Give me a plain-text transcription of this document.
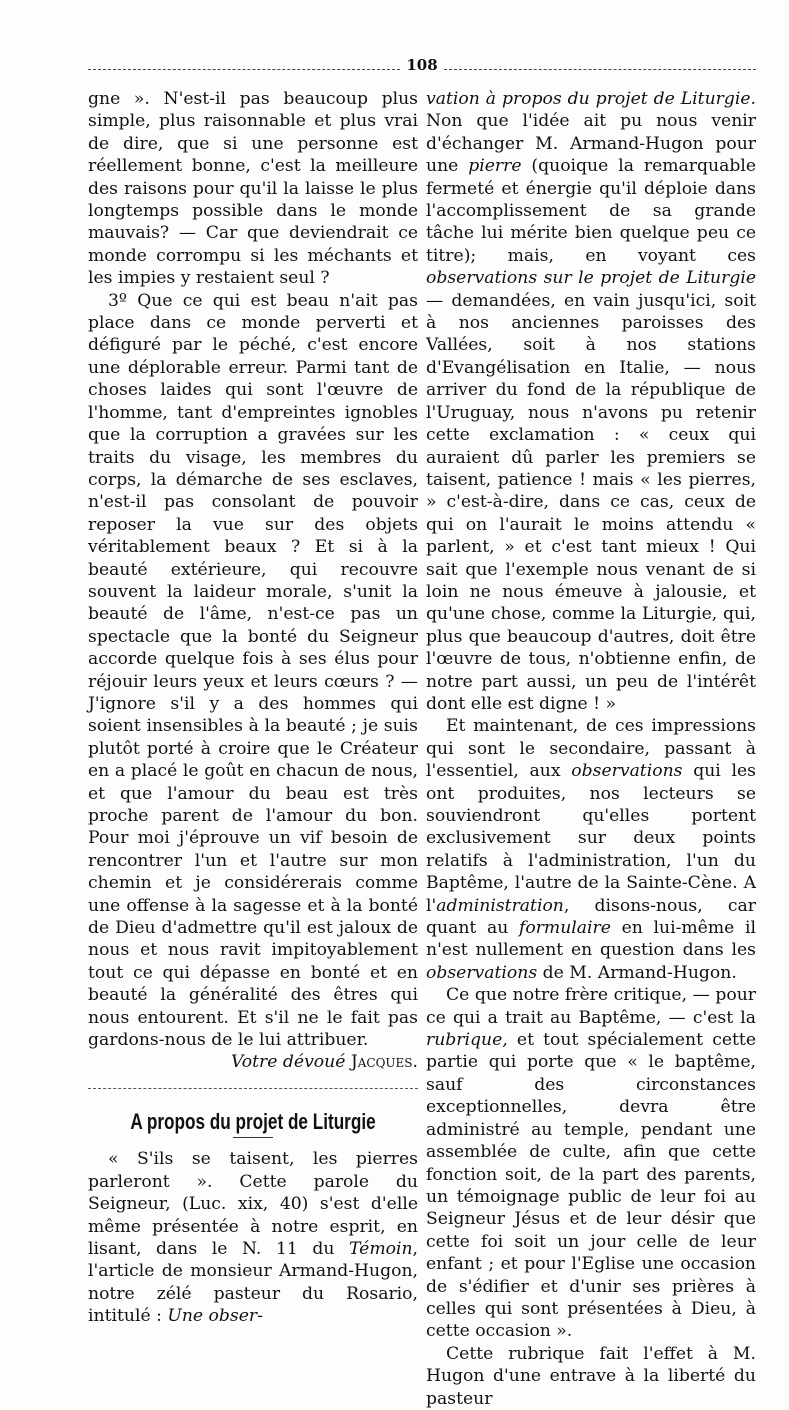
108

gne ». N'est-il pas beaucoup plus simple, plus raisonnable et plus vrai de dire, que si une personne est réellement bonne, c'est la meilleure des raisons pour qu'il la laisse le plus longtemps possible dans le monde mauvais? — Car que deviendrait ce monde corrompu si les méchants et les impies y restaient seul ?

3º Que ce qui est beau n'ait pas place dans ce monde perverti et défiguré par le péché, c'est encore une déplorable erreur. Parmi tant de choses laides qui sont l'œuvre de l'homme, tant d'empreintes ignobles que la corruption a gravées sur les traits du visage, les membres du corps, la démarche de ses esclaves, n'est-il pas consolant de pouvoir reposer la vue sur des objets véritablement beaux ? Et si à la beauté extérieure, qui recouvre souvent la laideur morale, s'unit la beauté de l'âme, n'est-ce pas un spectacle que la bonté du Seigneur accorde quelque fois à ses élus pour réjouir leurs yeux et leurs cœurs ? — J'ignore s'il y a des hommes qui soient insensibles à la beauté ; je suis plutôt porté à croire que le Créateur en a placé le goût en chacun de nous, et que l'amour du beau est très proche parent de l'amour du bon. Pour moi j'éprouve un vif besoin de rencontrer l'un et l'autre sur mon chemin et je considérerais comme une offense à la sagesse et à la bonté de Dieu d'admettre qu'il est jaloux de nous et nous ravit impitoyablement tout ce qui dépasse en bonté et en beauté la généralité des êtres qui nous entourent. Et s'il ne le fait pas gardons-nous de le lui attribuer.

Votre dévoué Jacques.

A propos du projet de Liturgie

« S'ils se taisent, les pierres parleront ». Cette parole du Seigneur, (Luc. xix, 40) s'est d'elle même présentée à notre esprit, en lisant, dans le N. 11 du Témoin, l'article de monsieur Armand-Hugon, notre zélé pasteur du Rosario, intitulé : Une obser-

vation à propos du projet de Liturgie. Non que l'idée ait pu nous venir d'échanger M. Armand-Hugon pour une pierre (quoique la remarquable fermeté et énergie qu'il déploie dans l'accomplissement de sa grande tâche lui mérite bien quelque peu ce titre); mais, en voyant ces observations sur le projet de Liturgie — demandées, en vain jusqu'ici, soit à nos anciennes paroisses des Vallées, soit à nos stations d'Evangélisation en Italie, — nous arriver du fond de la république de l'Uruguay, nous n'avons pu retenir cette exclamation : « ceux qui auraient dû parler les premiers se taisent, patience ! mais « les pierres, » c'est-à-dire, dans ce cas, ceux de qui on l'aurait le moins attendu « parlent, » et c'est tant mieux ! Qui sait que l'exemple nous venant de si loin ne nous émeuve à jalousie, et qu'une chose, comme la Liturgie, qui, plus que beaucoup d'autres, doit être l'œuvre de tous, n'obtienne enfin, de notre part aussi, un peu de l'intérêt dont elle est digne ! »

Et maintenant, de ces impressions qui sont le secondaire, passant à l'essentiel, aux observations qui les ont produites, nos lecteurs se souviendront qu'elles portent exclusivement sur deux points relatifs à l'administration, l'un du Baptême, l'autre de la Sainte-Cène. A l'administration, disons-nous, car quant au formulaire en lui-même il n'est nullement en question dans les observations de M. Armand-Hugon.

Ce que notre frère critique, — pour ce qui a trait au Baptême, — c'est la rubrique, et tout spécialement cette partie qui porte que « le baptême, sauf des circonstances exceptionnelles, devra être administré au temple, pendant une assemblée de culte, afin que cette fonction soit, de la part des parents, un témoignage public de leur foi au Seigneur Jésus et de leur désir que cette foi soit un jour celle de leur enfant ; et pour l'Eglise une occasion de s'édifier et d'unir ses prières à celles qui sont présentées à Dieu, à cette occasion ».

Cette rubrique fait l'effet à M. Hugon d'une entrave à la liberté du pasteur
